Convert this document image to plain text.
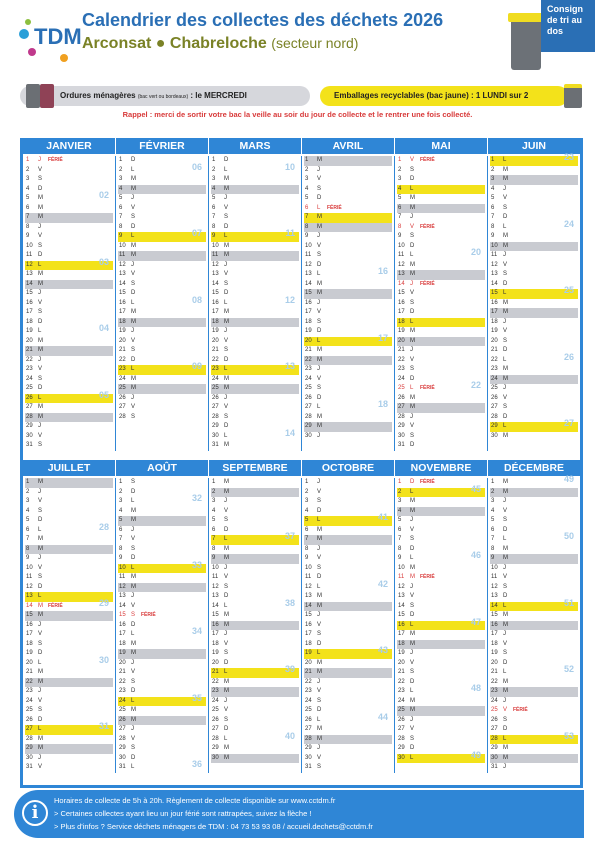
TDM
Calendrier des collectes des déchets 2026
Arconsat ● Chabreloche (secteur nord)
Consign de tri au dos
Ordures ménagères (bac vert ou bordeaux) : le MERCREDI	Emballages recyclables (bac jaune) : 1 LUNDI sur 2
Rappel : merci de sortir votre bac la veille au soir du jour de collecte et le rentrer une fois collecté.
JANVIER	FÉVRIER	MARS	AVRIL	MAI	JUIN
1 J FÉRIÉ
2 V
3 S
4 D
5 M	02
6 M
7 M
8 J
9 V
10 S
11 D
12 L	03
13 M
14 M
15 J
16 V
17 S
18 D
19 L	04
20 M
21 M
22 J
23 V
24 S
25 D
26 L	05
27 M
28 M
29 J
30 V
31 S
1 D
2 L	06
3 M
4 M
5 J
6 V
7 S
8 D
9 L	07
10 M
11 M
12 J
13 V
14 S
15 D
16 L	08
17 M
18 M
19 J
20 V
21 S
22 D
23 L	09
24 M
25 M
26 J
27 V
28 S
1 D
2 L	10
3 M
4 M
5 J
6 V
7 S
8 D
9 L	11
10 M
11 M
12 J
13 V
14 S
15 D
16 L	12
17 M
18 M
19 J
20 V
21 S
22 D
23 L	13
24 M
25 M
26 J
27 V
28 S
29 D
30 L	14
31 M
1 M
2 J
3 V
4 S
5 D
6 L FÉRIÉ
7 M
8 M
9 J
10 V
11 S
12 D
13 L	16
14 M
15 M
16 J
17 V
18 S
19 D
20 L	17
21 M
22 M
23 J
24 V
25 S
26 D
27 L	18
28 M
29 M
30 J
1 V FÉRIÉ
2 S
3 D
4 L
5 M
6 M
7 J
8 V FÉRIÉ
9 S
10 D
11 L	20
12 M
13 M
14 J FÉRIÉ
15 V
16 S
17 D
18 L
19 M
20 M
21 J
22 V
23 S
24 D
25 L FÉRIÉ	22
26 M
27 M
28 J
29 V
30 S
31 D
1 L	23
2 M
3 M
4 J
5 V
6 S
7 D
8 L	24
9 M
10 M
11 J
12 V
13 S
14 D
15 L	25
16 M
17 M
18 J
19 V
20 S
21 D
22 L	26
23 M
24 M
25 J
26 V
27 S
28 D
29 L	27
30 M
JUILLET	AOÛT	SEPTEMBRE	OCTOBRE	NOVEMBRE	DÉCEMBRE
1 M
2 J
3 V
4 S
5 D
6 L	28
7 M
8 M
9 J
10 V
11 S
12 D
13 L
14 M FÉRIÉ	29
15 M
16 J
17 V
18 S
19 D
20 L	30
21 M
22 M
23 J
24 V
25 S
26 D
27 L	31
28 M
29 M
30 J
31 V
1 S
2 D
3 L	32
4 M
5 M
6 J
7 V
8 S
9 D
10 L	33
11 M
12 M
13 J
14 V
15 S FÉRIÉ
16 D
17 L	34
18 M
19 M
20 J
21 V
22 S
23 D
24 L	35
25 M
26 M
27 J
28 V
29 S
30 D
31 L	36
1 M
2 M
3 J
4 V
5 S
6 D
7 L	37
8 M
9 M
10 J
11 V
12 S
13 D
14 L	38
15 M
16 M
17 J
18 V
19 S
20 D
21 L	39
22 M
23 M
24 J
25 V
26 S
27 D
28 L	40
29 M
30 M
1 J
2 V
3 S
4 D
5 L	41
6 M
7 M
8 J
9 V
10 S
11 D
12 L	42
13 M
14 M
15 J
16 V
17 S
18 D
19 L	43
20 M
21 M
22 J
23 V
24 S
25 D
26 L	44
27 M
28 M
29 J
30 V
31 S
1 D FÉRIÉ
2 L	45
3 M
4 M
5 J
6 V
7 S
8 D
9 L	46
10 M
11 M FÉRIÉ
12 J
13 V
14 S
15 D
16 L	47
17 M
18 M
19 J
20 V
21 S
22 D
23 L	48
24 M
25 M
26 J
27 V
28 S
29 D
30 L	49
1 M	49
2 M
3 J
4 V
5 S
6 D
7 L	50
8 M
9 M
10 J
11 V
12 S
13 D
14 L	51
15 M
16 M
17 J
18 V
19 S
20 D
21 L	52
22 M
23 M
24 J
25 V FÉRIÉ
26 S
27 D
28 L	53
29 M
30 M
31 J
i
Horaires de collecte de 5h à 20h. Règlement de collecte disponible sur www.cctdm.fr
> Certaines collectes ayant lieu un jour férié sont rattrapées, suivez la flèche !
> Plus d'infos ? Service déchets ménagers de TDM : 04 73 53 93 08 / accueil.dechets@cctdm.fr
